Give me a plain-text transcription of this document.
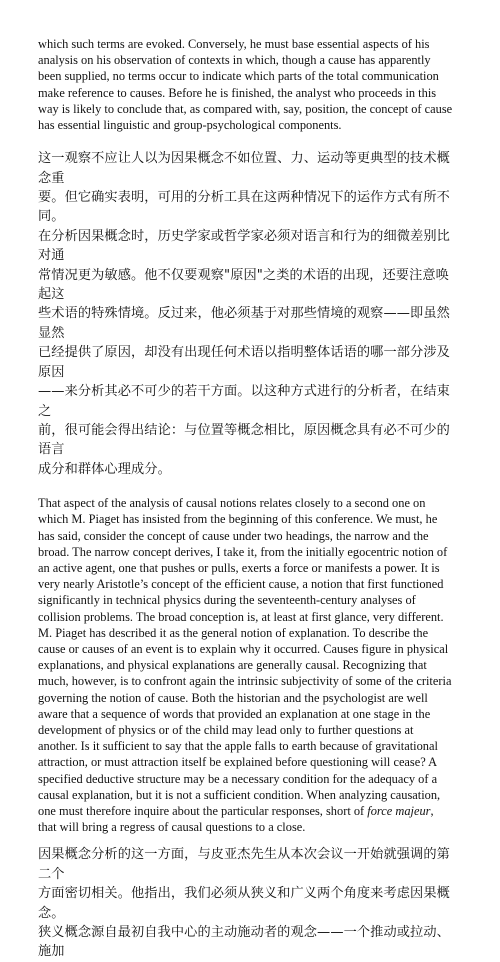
which such terms are evoked. Conversely, he must base essential aspects of his
analysis on his observation of contexts in which, though a cause has apparently
been supplied, no terms occur to indicate which parts of the total communication
make reference to causes. Before he is finished, the analyst who proceeds in this
way is likely to conclude that, as compared with, say, position, the concept of cause
has essential linguistic and group-psychological components.

这一观察不应让人以为因果概念不如位置、力、运动等更典型的技术概念重
要。但它确实表明，可用的分析工具在这两种情况下的运作方式有所不同。
在分析因果概念时，历史学家或哲学家必须对语言和行为的细微差别比对通
常情况更为敏感。他不仅要观察"原因"之类的术语的出现，还要注意唤起这
些术语的特殊情境。反过来，他必须基于对那些情境的观察——即虽然显然
已经提供了原因，却没有出现任何术语以指明整体话语的哪一部分涉及原因
——来分析其必不可少的若干方面。以这种方式进行的分析者，在结束之
前，很可能会得出结论：与位置等概念相比，原因概念具有必不可少的语言
成分和群体心理成分。

That aspect of the analysis of causal notions relates closely to a second one on
which M. Piaget has insisted from the beginning of this conference. We must, he
has said, consider the concept of cause under two headings, the narrow and the
broad. The narrow concept derives, I take it, from the initially egocentric notion of
an active agent, one that pushes or pulls, exerts a force or manifests a power. It is
very nearly Aristotle’s concept of the efficient cause, a notion that first functioned
significantly in technical physics during the seventeenth-century analyses of
collision problems. The broad conception is, at least at first glance, very different.
M. Piaget has described it as the general notion of explanation. To describe the
cause or causes of an event is to explain why it occurred. Causes figure in physical
explanations, and physical explanations are generally causal. Recognizing that
much, however, is to confront again the intrinsic subjectivity of some of the criteria
governing the notion of cause. Both the historian and the psychologist are well
aware that a sequence of words that provided an explanation at one stage in the
development of physics or of the child may lead only to further questions at
another. Is it sufficient to say that the apple falls to earth because of gravitational
attraction, or must attraction itself be explained before questioning will cease? A
specified deductive structure may be a necessary condition for the adequacy of a
causal explanation, but it is not a sufficient condition. When analyzing causation,
one must therefore inquire about the particular responses, short of force majeur,
that will bring a regress of causal questions to a close.

因果概念分析的这一方面，与皮亚杰先生从本次会议一开始就强调的第二个
方面密切相关。他指出，我们必须从狭义和广义两个角度来考虑因果概念。
狭义概念源自最初自我中心的主动施动者的观念——一个推动或拉动、施加
